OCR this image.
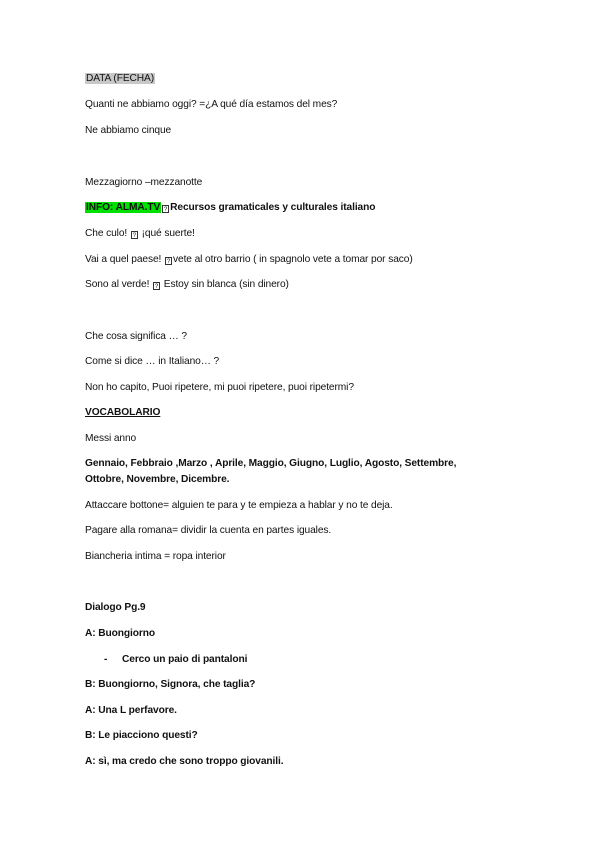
DATA (FECHA)
Quanti ne abbiamo oggi? =¿A qué día estamos del mes?
Ne abbiamo cinque
Mezzagiorno –mezzanotte
INFO: ALMA.TV ? Recursos gramaticales y culturales italiano
Che culo! ? ¡qué suerte!
Vai a quel paese! ? vete al otro barrio ( in spagnolo vete a tomar por saco)
Sono al verde! ? Estoy sin blanca (sin dinero)
Che cosa significa … ?
Come si dice … in Italiano… ?
Non ho capito, Puoi ripetere, mi puoi ripetere, puoi ripetermi?
VOCABOLARIO
Messi anno
Gennaio, Febbraio ,Marzo , Aprile, Maggio, Giugno, Luglio, Agosto, Settembre, Ottobre, Novembre, Dicembre.
Attaccare bottone= alguien te para y te empieza a hablar y no te deja.
Pagare alla romana= dividir la cuenta en partes iguales.
Biancheria intima = ropa interior
Dialogo Pg.9
A: Buongiorno
- Cerco un paio di pantaloni
B: Buongiorno, Signora, che taglia?
A: Una L perfavore.
B: Le piacciono questi?
A: sì, ma credo che sono troppo giovanili.
